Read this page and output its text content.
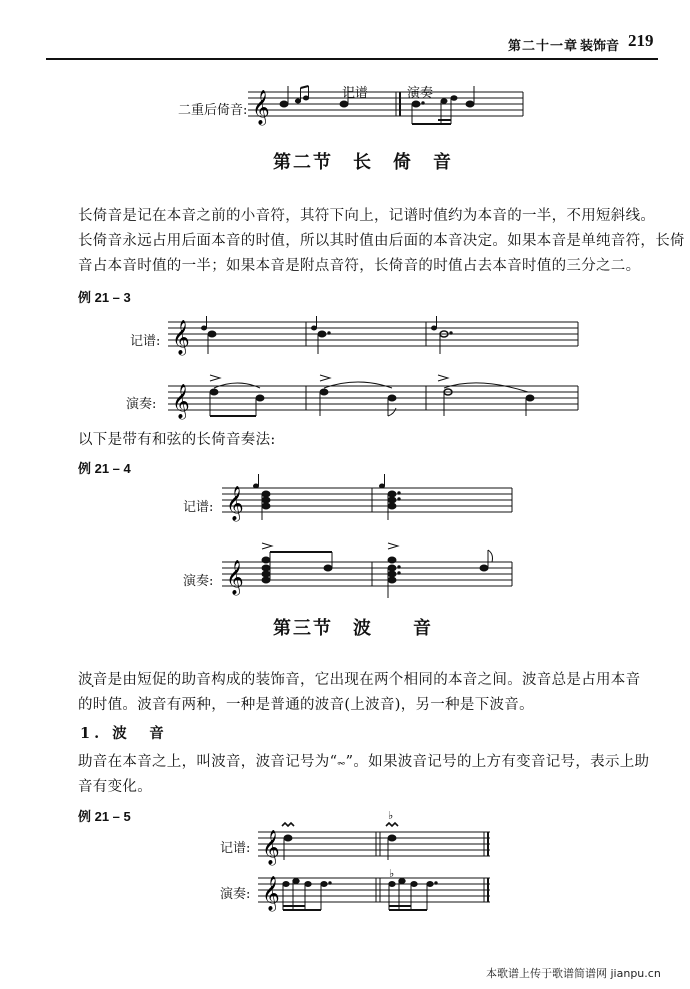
第二十一章 装饰音 219
记谱	演奏
二重后倚音: 𝄞
第二节　长　倚　音
长倚音是记在本音之前的小音符，其符下向上，记谱时值约为本音的一半，不用短斜线。
长倚音永远占用后面本音的时值，所以其时值由后面的本音决定。如果本音是单纯音符，长倚
音占本音时值的一半；如果本音是附点音符，长倚音的时值占去本音时值的三分之二。
例 21 – 3
记谱: 𝄞
演奏: 𝄞
以下是带有和弦的长倚音奏法:
例 21 – 4
记谱: 𝄞
演奏: 𝄞
第三节　波　　音
波音是由短促的助音构成的装饰音，它出现在两个相同的本音之间。波音总是占用本音
的时值。波音有两种，一种是普通的波音(上波音)，另一种是下波音。
1. 波　音
助音在本音之上，叫波音，波音记号为“𝆗”。如果波音记号的上方有变音记号，表示上助
音有变化。
例 21 – 5
记谱: 𝄞
♭
演奏: 𝄞
♭
本歌谱上传于歌谱简谱网 jianpu.cn
